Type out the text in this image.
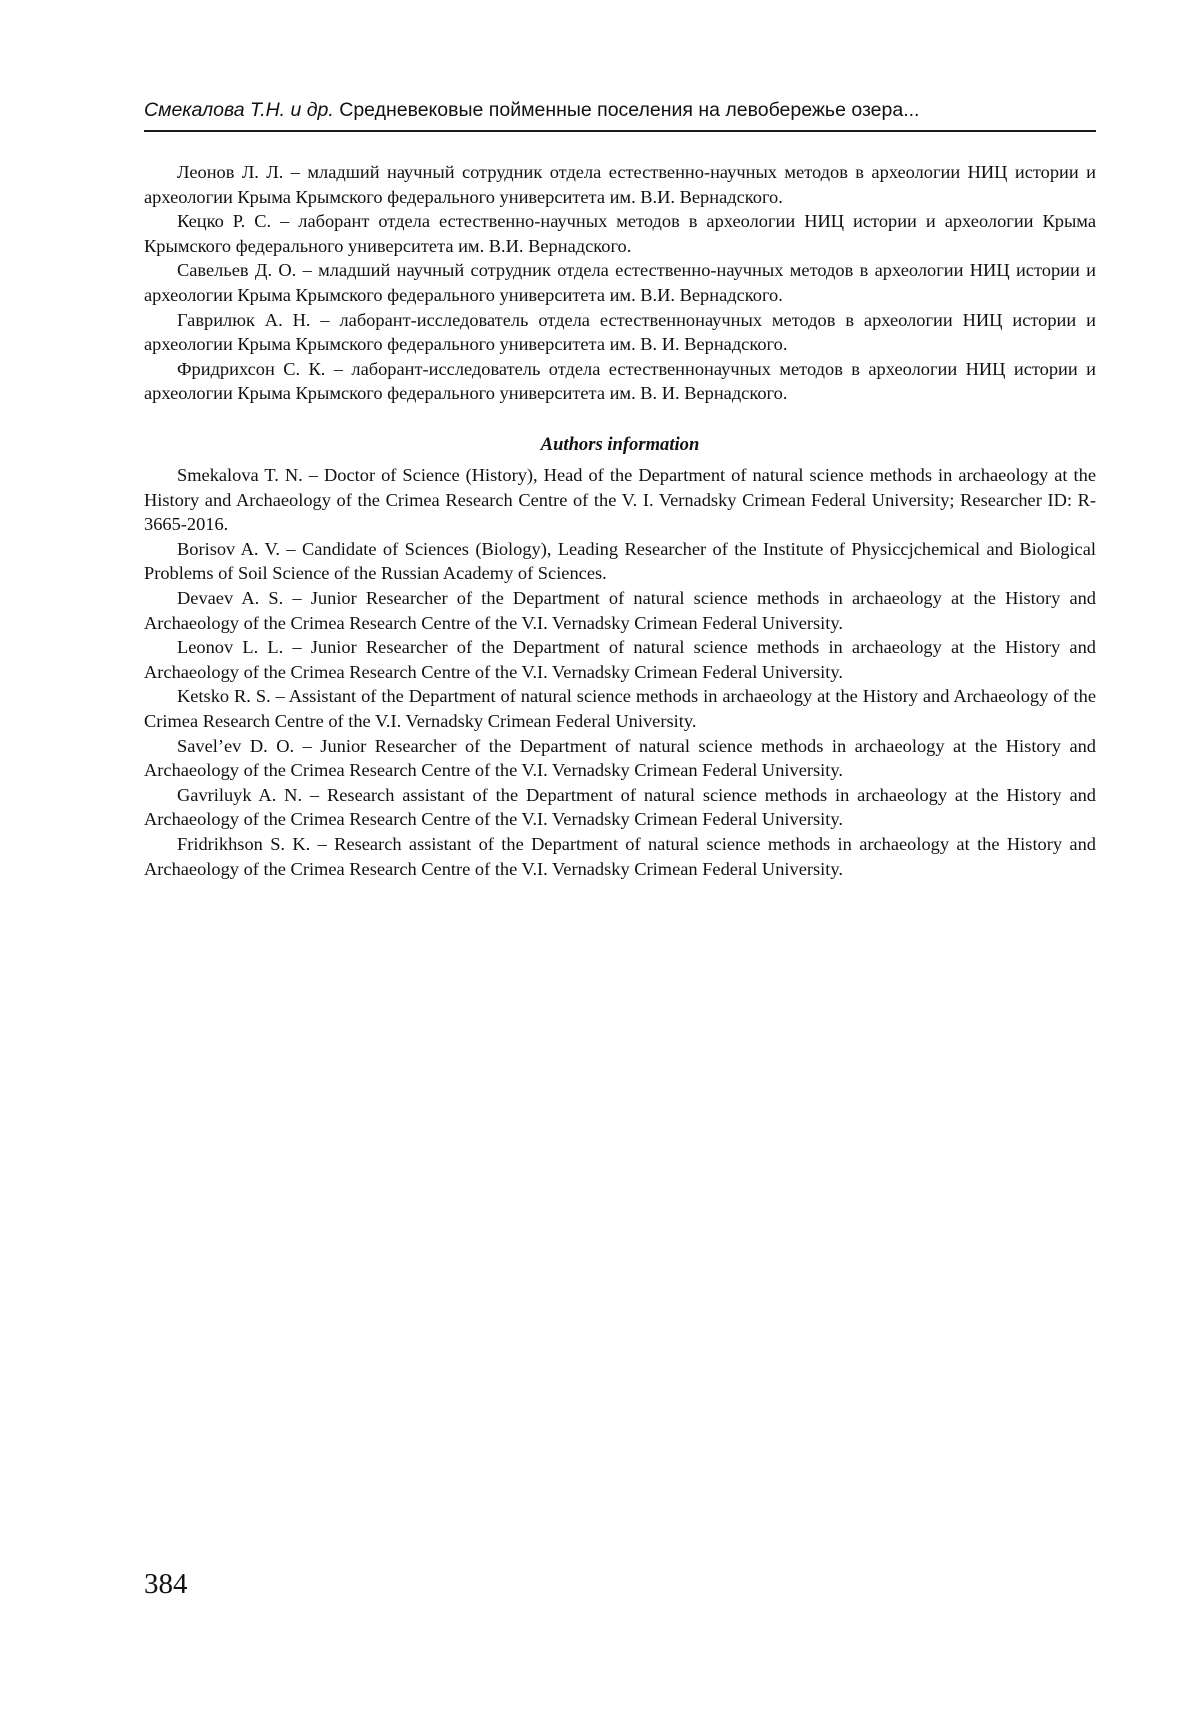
Смекалова Т.Н. и др. Средневековые пойменные поселения на левобережье озера...

Леонов Л. Л. – младший научный сотрудник отдела естественно-научных методов в археологии НИЦ истории и археологии Крыма Крымского федерального университета им. В.И. Вернадского.

Кецко Р. С. – лаборант отдела естественно-научных методов в археологии НИЦ истории и археологии Крыма Крымского федерального университета им. В.И. Вернадского.

Савельев Д. О. – младший научный сотрудник отдела естественно-научных методов в археологии НИЦ истории и археологии Крыма Крымского федерального университета им. В.И. Вернадского.

Гаврилюк А. Н. – лаборант-исследователь отдела естественнонаучных методов в археологии НИЦ истории и археологии Крыма Крымского федерального университета им. В. И. Вернадского.

Фридрихсон С. К. – лаборант-исследователь отдела естественнонаучных методов в археологии НИЦ истории и археологии Крыма Крымского федерального университета им. В. И. Вернадского.

Authors information

Smekalova T. N. – Doctor of Science (History), Head of the Department of natural science methods in archaeology at the History and Archaeology of the Crimea Research Centre of the V. I. Vernadsky Crimean Federal University; Researcher ID: R-3665-2016.

Borisov A. V. – Candidate of Sciences (Biology), Leading Researcher of the Institute of Physiccjchemical and Biological Problems of Soil Science of the Russian Academy of Sciences.

Devaev A. S. – Junior Researcher of the Department of natural science methods in archaeology at the History and Archaeology of the Crimea Research Centre of the V.I. Vernadsky Crimean Federal University.

Leonov L. L. – Junior Researcher of the Department of natural science methods in archaeology at the History and Archaeology of the Crimea Research Centre of the V.I. Vernadsky Crimean Federal University.

Ketsko R. S. – Assistant of the Department of natural science methods in archaeology at the History and Archaeology of the Crimea Research Centre of the V.I. Vernadsky Crimean Federal University.

Savel’ev D. O. – Junior Researcher of the Department of natural science methods in archaeology at the History and Archaeology of the Crimea Research Centre of the V.I. Vernadsky Crimean Federal University.

Gavriluyk A. N. – Research assistant of the Department of natural science methods in archaeology at the History and Archaeology of the Crimea Research Centre of the V.I. Vernadsky Crimean Federal University.

Fridrikhson S. K. – Research assistant of the Department of natural science methods in archaeology at the History and Archaeology of the Crimea Research Centre of the V.I. Vernadsky Crimean Federal University.

384
